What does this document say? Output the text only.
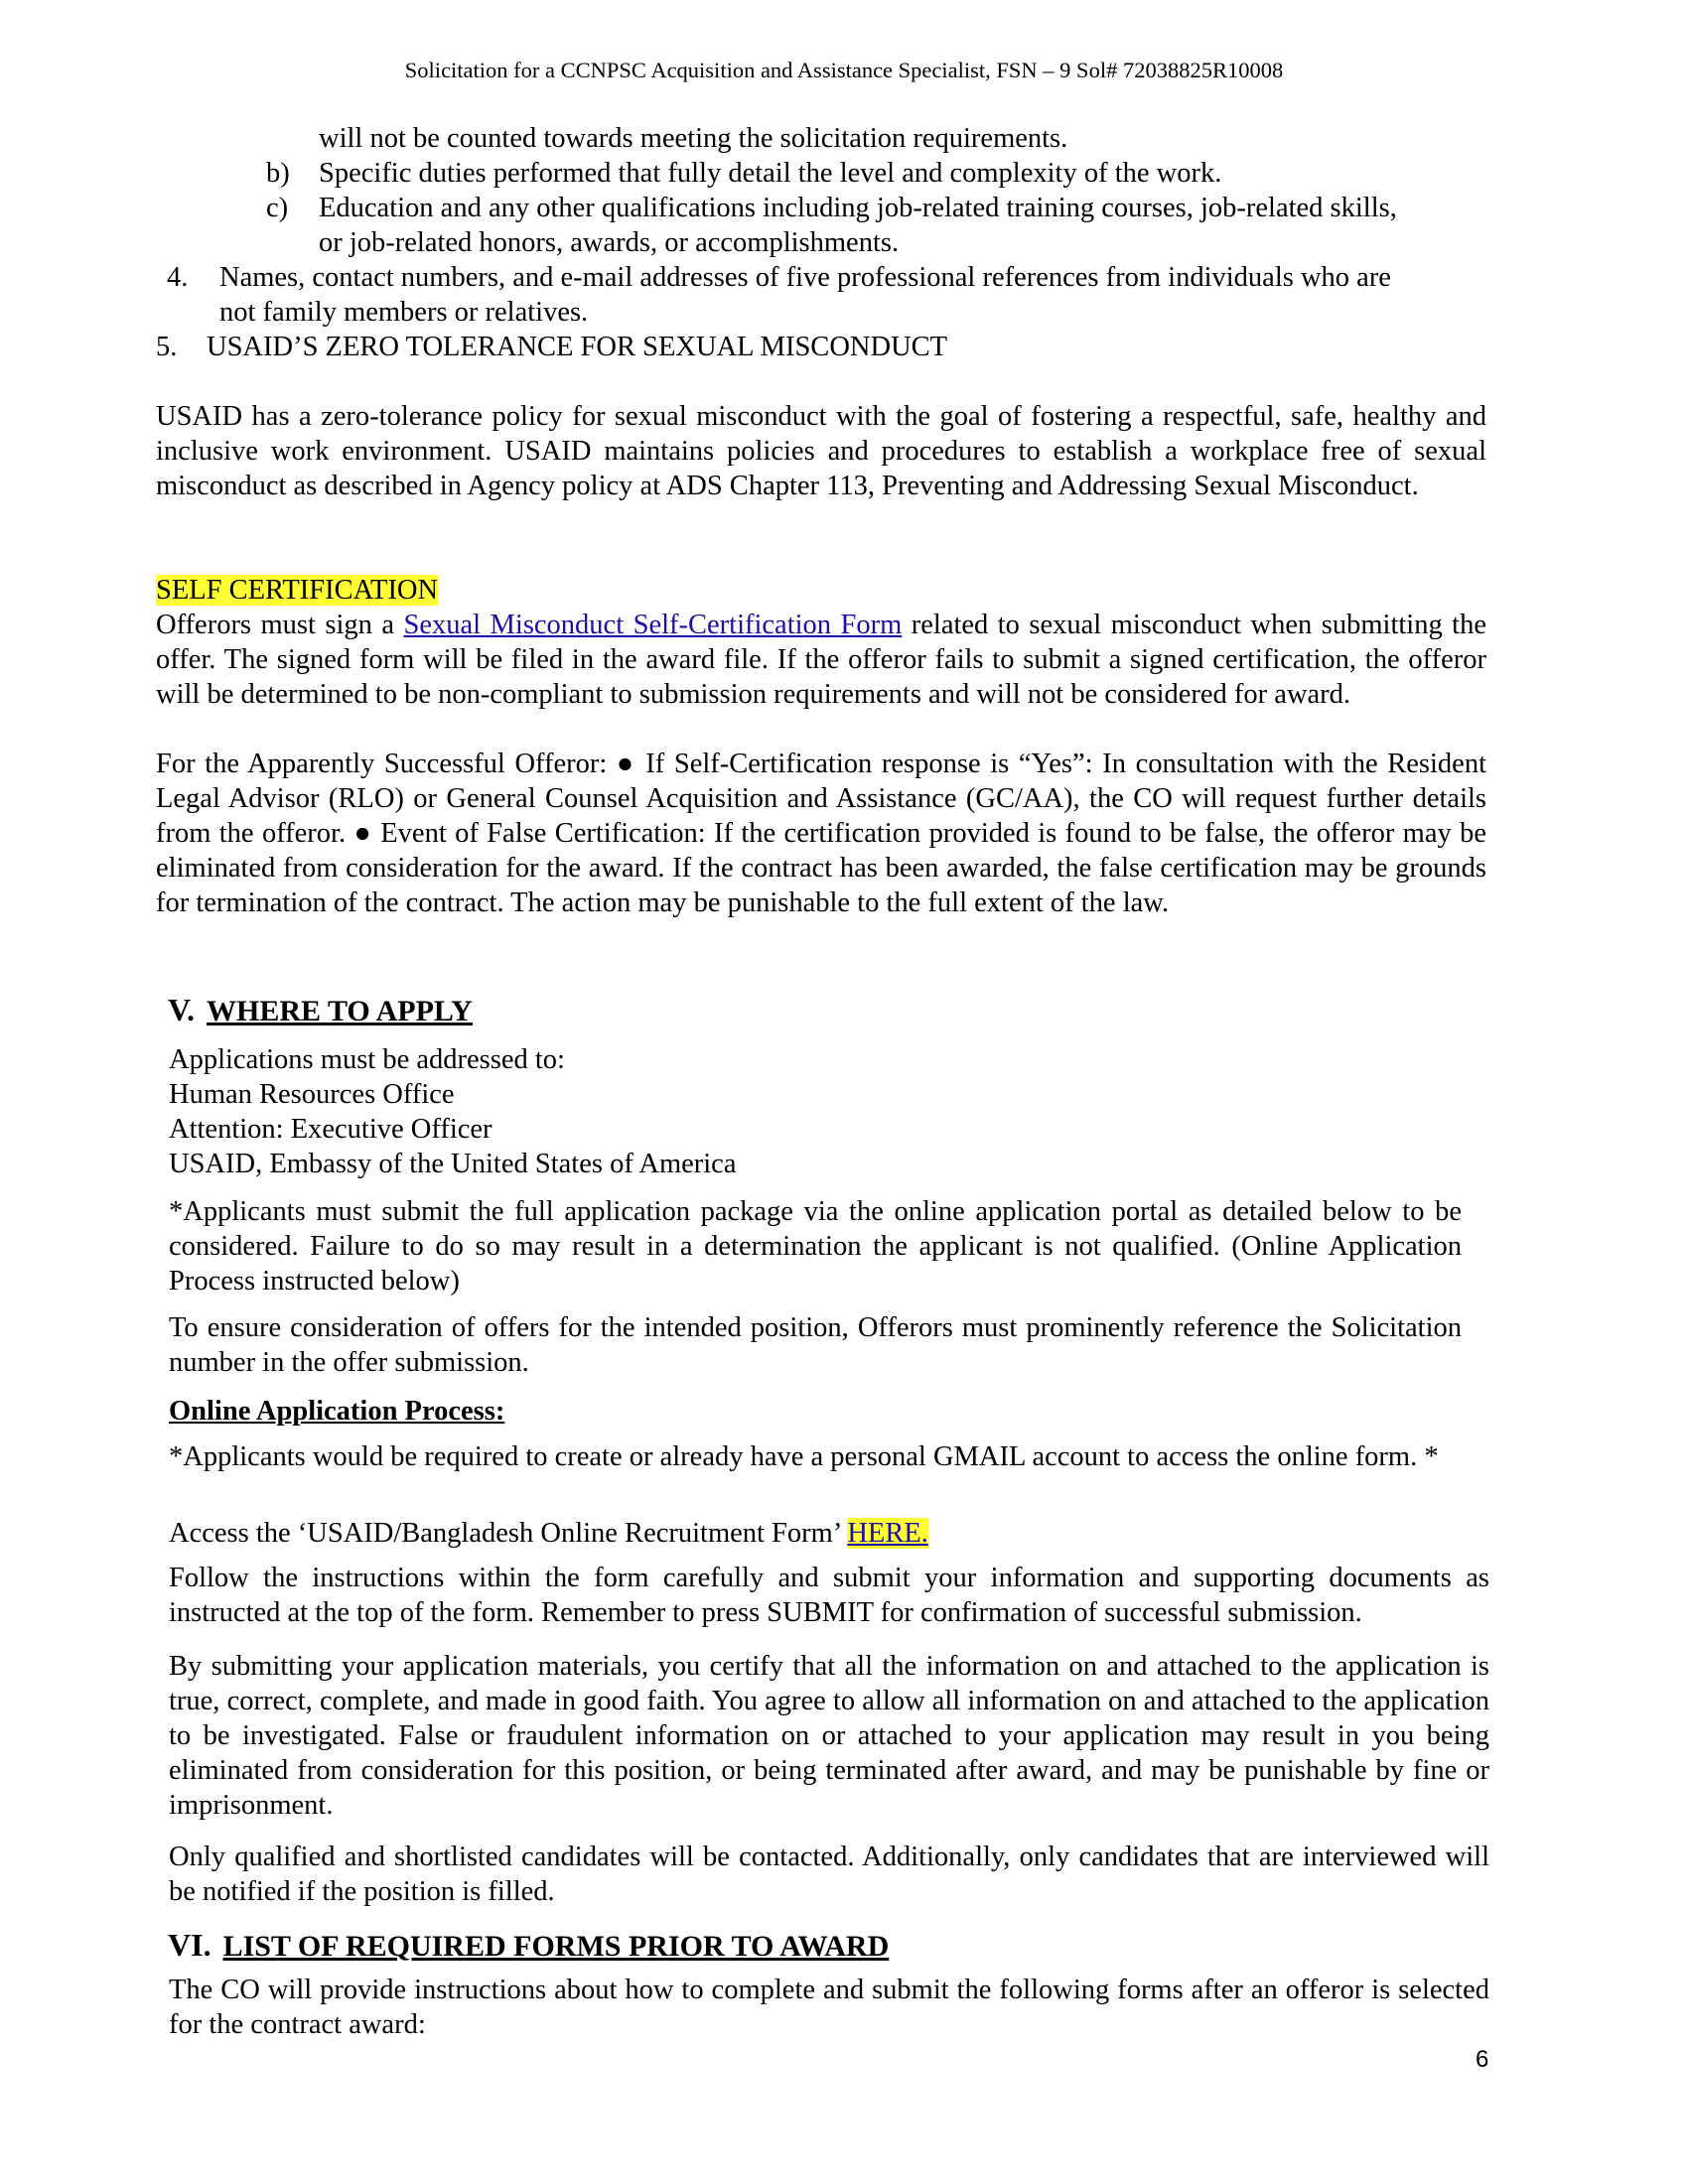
Solicitation for a CCNPSC Acquisition and Assistance Specialist, FSN – 9 Sol# 72038825R10008
will not be counted towards meeting the solicitation requirements.
b) Specific duties performed that fully detail the level and complexity of the work.
c) Education and any other qualifications including job-related training courses, job-related skills,
or job-related honors, awards, or accomplishments.
4. Names, contact numbers, and e-mail addresses of five professional references from individuals who are
not family members or relatives.
5. USAID’S ZERO TOLERANCE FOR SEXUAL MISCONDUCT
USAID has a zero-tolerance policy for sexual misconduct with the goal of fostering a respectful, safe, healthy and inclusive work environment. USAID maintains policies and procedures to establish a workplace free of sexual misconduct as described in Agency policy at ADS Chapter 113, Preventing and Addressing Sexual Misconduct.
SELF CERTIFICATION
Offerors must sign a Sexual Misconduct Self-Certification Form related to sexual misconduct when submitting the offer. The signed form will be filed in the award file. If the offeror fails to submit a signed certification, the offeror will be determined to be non-compliant to submission requirements and will not be considered for award.
For the Apparently Successful Offeror: ● If Self-Certification response is “Yes”: In consultation with the Resident Legal Advisor (RLO) or General Counsel Acquisition and Assistance (GC/AA), the CO will request further details from the offeror. ● Event of False Certification: If the certification provided is found to be false, the offeror may be eliminated from consideration for the award. If the contract has been awarded, the false certification may be grounds for termination of the contract. The action may be punishable to the full extent of the law.
V. WHERE TO APPLY
Applications must be addressed to:
Human Resources Office
Attention: Executive Officer
USAID, Embassy of the United States of America
*Applicants must submit the full application package via the online application portal as detailed below to be considered. Failure to do so may result in a determination the applicant is not qualified. (Online Application Process instructed below)
To ensure consideration of offers for the intended position, Offerors must prominently reference the Solicitation number in the offer submission.
Online Application Process:
*Applicants would be required to create or already have a personal GMAIL account to access the online form. *
Access the ‘USAID/Bangladesh Online Recruitment Form’ HERE.
Follow the instructions within the form carefully and submit your information and supporting documents as instructed at the top of the form. Remember to press SUBMIT for confirmation of successful submission.
By submitting your application materials, you certify that all the information on and attached to the application is true, correct, complete, and made in good faith. You agree to allow all information on and attached to the application to be investigated. False or fraudulent information on or attached to your application may result in you being eliminated from consideration for this position, or being terminated after award, and may be punishable by fine or imprisonment.
Only qualified and shortlisted candidates will be contacted. Additionally, only candidates that are interviewed will be notified if the position is filled.
VI. LIST OF REQUIRED FORMS PRIOR TO AWARD
The CO will provide instructions about how to complete and submit the following forms after an offeror is selected for the contract award:
6
